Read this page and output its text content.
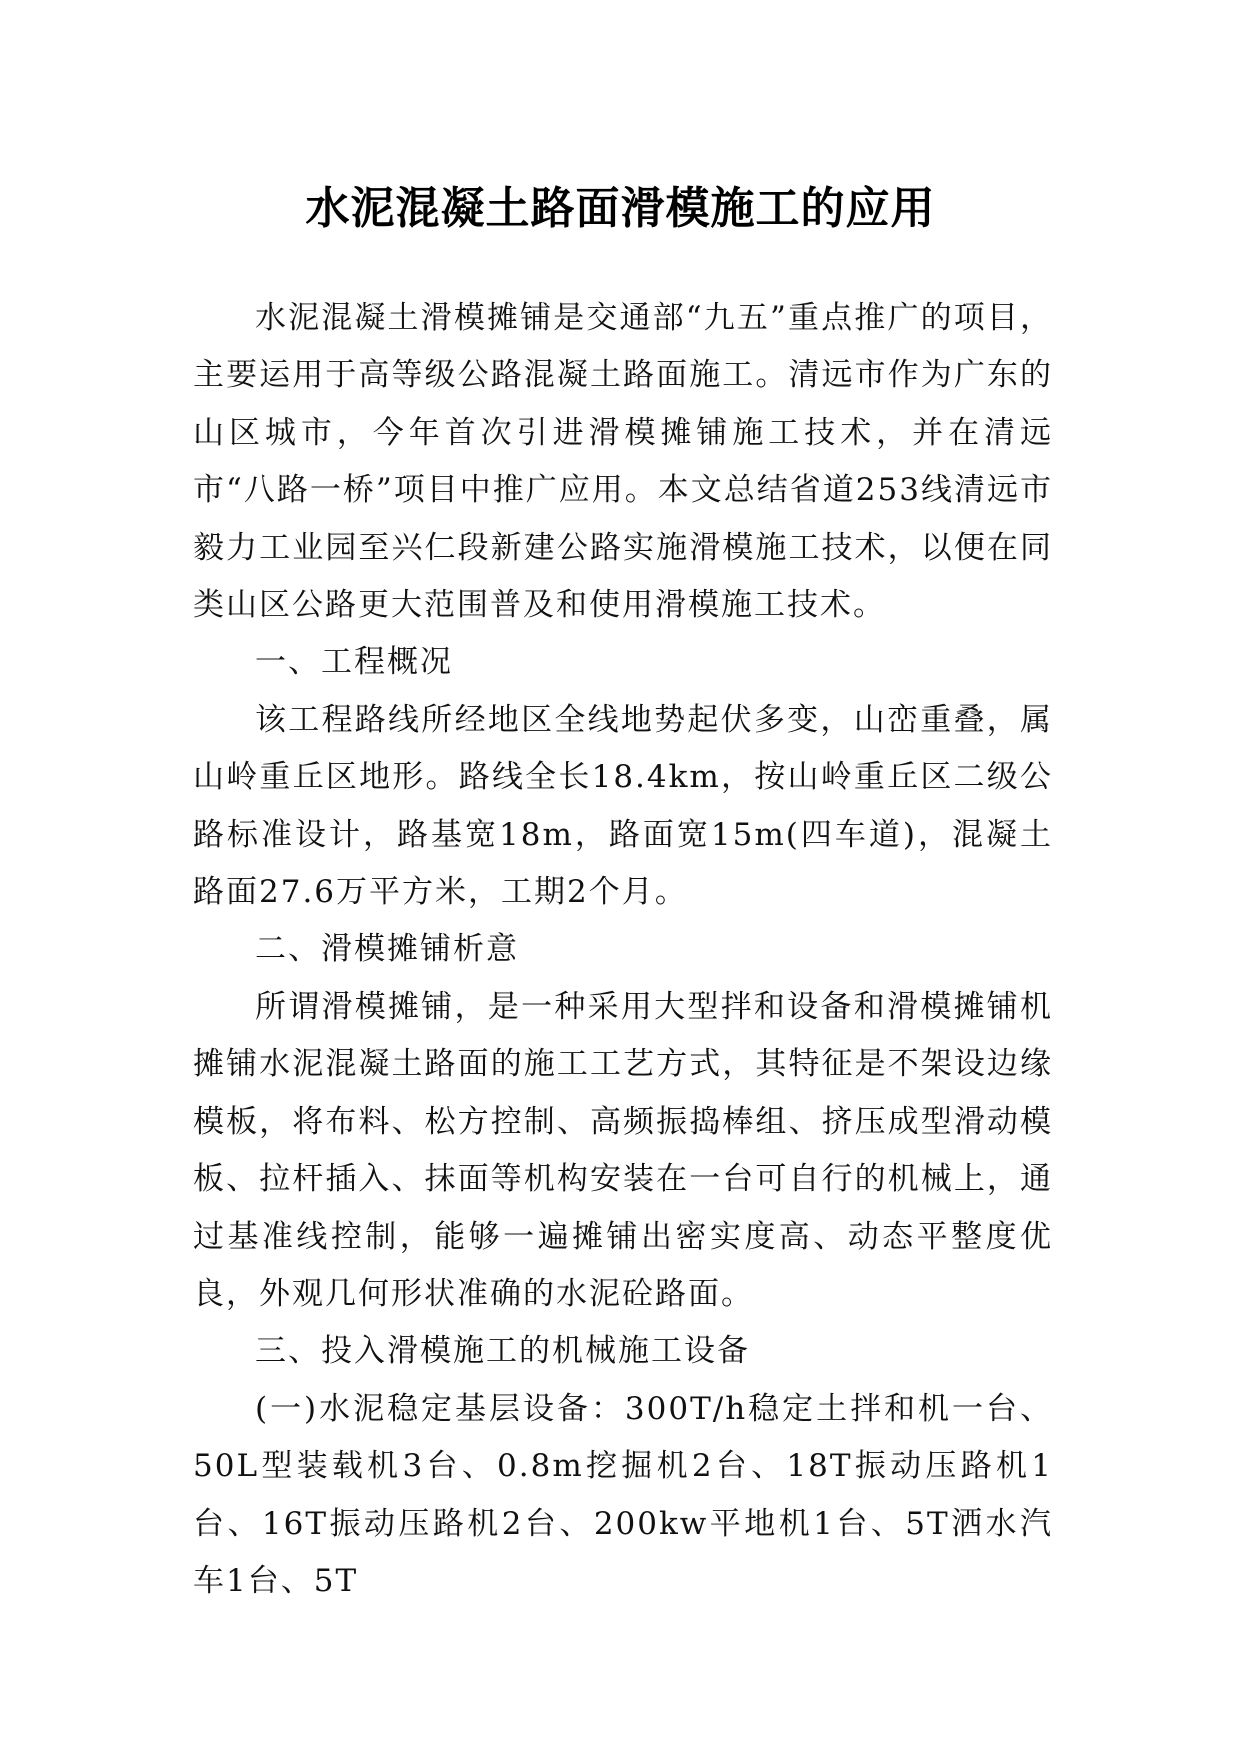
水泥混凝土路面滑模施工的应用

水泥混凝土滑模摊铺是交通部“九五”重点推广的项目，主要运用于高等级公路混凝土路面施工。清远市作为广东的山区城市，今年首次引进滑模摊铺施工技术，并在清远市“八路一桥”项目中推广应用。本文总结省道253线清远市毅力工业园至兴仁段新建公路实施滑模施工技术，以便在同类山区公路更大范围普及和使用滑模施工技术。

一、工程概况

该工程路线所经地区全线地势起伏多变，山峦重叠，属山岭重丘区地形。路线全长18.4km，按山岭重丘区二级公路标准设计，路基宽18m，路面宽15m(四车道)，混凝土路面27.6万平方米，工期2个月。

二、滑模摊铺析意

所谓滑模摊铺，是一种采用大型拌和设备和滑模摊铺机摊铺水泥混凝土路面的施工工艺方式，其特征是不架设边缘模板，将布料、松方控制、高频振捣棒组、挤压成型滑动模板、拉杆插入、抹面等机构安装在一台可自行的机械上，通过基准线控制，能够一遍摊铺出密实度高、动态平整度优良，外观几何形状准确的水泥砼路面。

三、投入滑模施工的机械施工设备

(一)水泥稳定基层设备：300T/h稳定土拌和机一台、50L型装载机3台、0.8m挖掘机2台、18T振动压路机1台、16T振动压路机2台、200kw平地机1台、5T洒水汽车1台、5T
